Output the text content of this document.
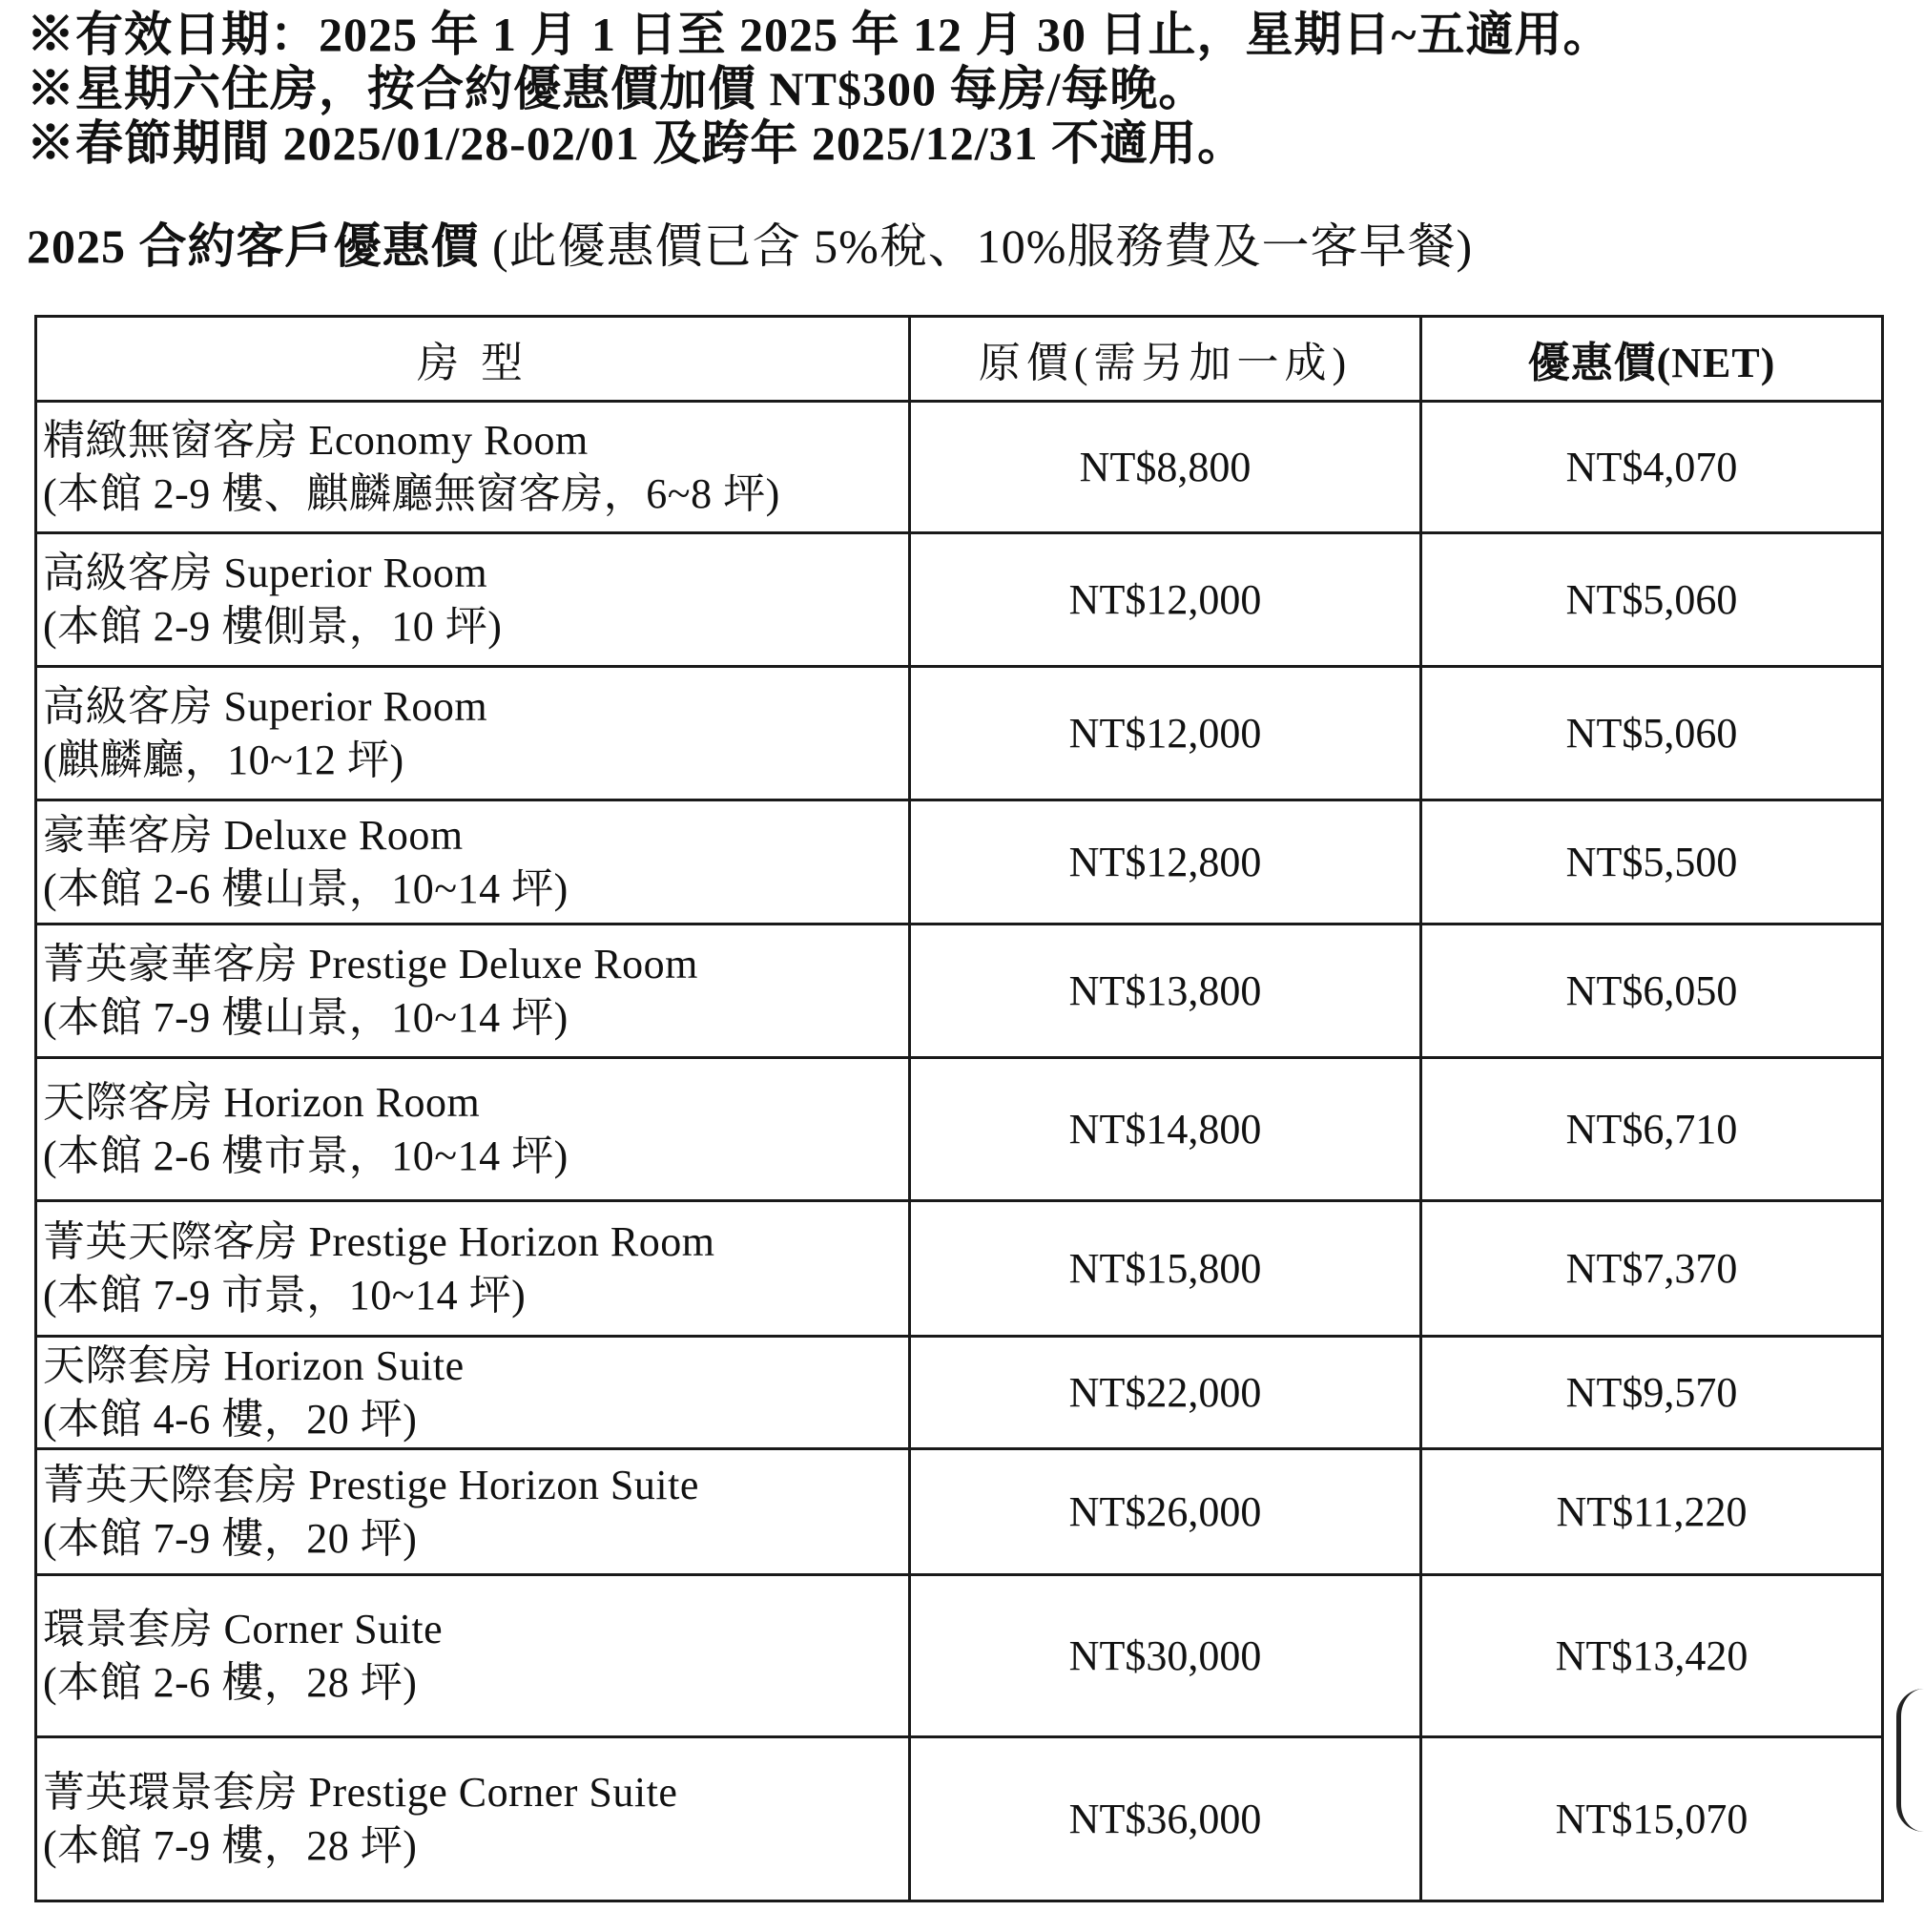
※有效日期：2025 年 1 月 1 日至 2025 年 12 月 30 日止，星期日~五適用。
※星期六住房，按合約優惠價加價 NT$300 每房/每晚。
※春節期間 2025/01/28-02/01 及跨年 2025/12/31 不適用。
2025 合約客戶優惠價 (此優惠價已含 5%稅、10%服務費及一客早餐)
房 型	原價(需另加一成)	優惠價(NET)

精緻無窗客房 Economy Room
(本館 2-9 樓、麒麟廳無窗客房，6~8 坪)	NT$8,800	NT$4,070

高級客房 Superior Room
(本館 2-9 樓側景，10 坪)	NT$12,000	NT$5,060

高級客房 Superior Room
(麒麟廳，10~12 坪)	NT$12,000	NT$5,060

豪華客房 Deluxe Room
(本館 2-6 樓山景，10~14 坪)	NT$12,800	NT$5,500

菁英豪華客房 Prestige Deluxe Room
(本館 7-9 樓山景，10~14 坪)	NT$13,800	NT$6,050

天際客房 Horizon Room
(本館 2-6 樓市景，10~14 坪)	NT$14,800	NT$6,710

菁英天際客房 Prestige Horizon Room
(本館 7-9 市景，10~14 坪)	NT$15,800	NT$7,370

天際套房 Horizon Suite
(本館 4-6 樓，20 坪)	NT$22,000	NT$9,570

菁英天際套房 Prestige Horizon Suite
(本館 7-9 樓，20 坪)	NT$26,000	NT$11,220

環景套房 Corner Suite
(本館 2-6 樓，28 坪)	NT$30,000	NT$13,420

菁英環景套房 Prestige Corner Suite
(本館 7-9 樓，28 坪)	NT$36,000	NT$15,070
